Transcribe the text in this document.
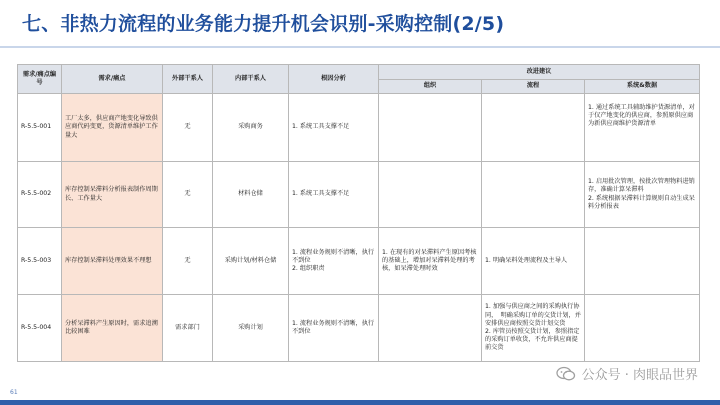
七、非热力流程的业务能力提升机会识别-采购控制(2/5)
需求/痛点编号	需求/痛点	外部干系人	内部干系人	根因分析	改进建议		
					组织	流程	系统&数据
R-5.5-001	工厂太多，供应商产地变化导致供应商代码变更，货源清单维护工作量大	无	采购商务	1. 系统工具支撑不足			1. 通过系统工具辅助维护货源清单，对于仅产地变化的供应商，参照原供应商为新供应商维护货源清单
R-5.5-002	库存控制呆滞料分析报表制作周期长、工作量大	无	材料仓储	1. 系统工具支撑不足			1. 启用批次管理，按批次管理物料进销存，准确计算呆滞料
2. 系统根据呆滞料计算规则自动生成呆料分析报表
R-5.5-003	库存控制呆滞料处理效果不理想	无	采购计划/材料仓储	1. 流程业务规则不清晰，执行不到位
2. 组织职责	1. 在现有的对呆滞料产生原因考核的基础上，增加对呆滞料处理的考核，如呆滞处理时效	1. 明确呆料处理流程及主导人	
R-5.5-004	分析呆滞料产生原因时，需求追溯比较困难	需求部门	采购计划	1. 流程业务规则不清晰，执行不到位		1. 加强与供应商之间的采购执行协同，　明确采购订单的交货计划，并安排供应商按照交货计划交货
2. 库管员按照交货计划，参照指定的采购订单收货，不允许供应商提前交货	
61
公众号 · 肉眼品世界
